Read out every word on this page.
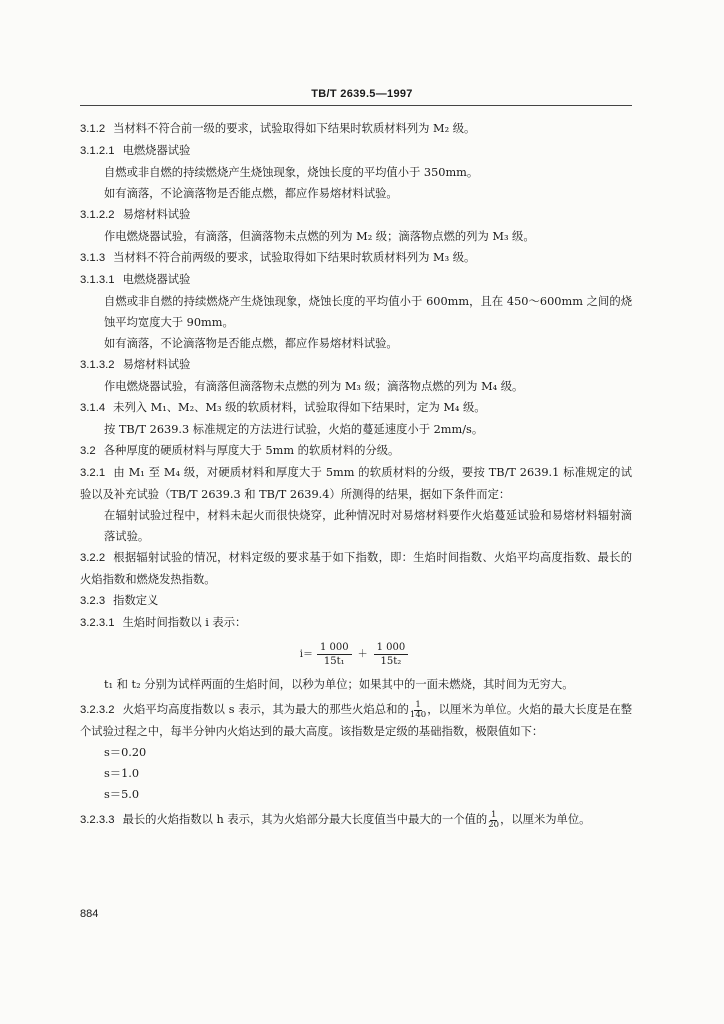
TB/T 2639.5—1997
3.1.2 当材料不符合前一级的要求，试验取得如下结果时软质材料列为 M₂ 级。
3.1.2.1 电燃烧器试验
自燃或非自燃的持续燃烧产生烧蚀现象，烧蚀长度的平均值小于 350mm。
如有滴落，不论滴落物是否能点燃，都应作易熔材料试验。
3.1.2.2 易熔材料试验
作电燃烧器试验，有滴落，但滴落物未点燃的列为 M₂ 级；滴落物点燃的列为 M₃ 级。
3.1.3 当材料不符合前两级的要求，试验取得如下结果时软质材料列为 M₃ 级。
3.1.3.1 电燃烧器试验
自燃或非自燃的持续燃烧产生烧蚀现象，烧蚀长度的平均值小于 600mm，且在 450～600mm 之间的烧蚀平均宽度大于 90mm。
如有滴落，不论滴落物是否能点燃，都应作易熔材料试验。
3.1.3.2 易熔材料试验
作电燃烧器试验，有滴落但滴落物未点燃的列为 M₃ 级；滴落物点燃的列为 M₄ 级。
3.1.4 未列入 M₁、M₂、M₃ 级的软质材料，试验取得如下结果时，定为 M₄ 级。
按 TB/T 2639.3 标准规定的方法进行试验，火焰的蔓延速度小于 2mm/s。
3.2 各种厚度的硬质材料与厚度大于 5mm 的软质材料的分级。
3.2.1 由 M₁ 至 M₄ 级，对硬质材料和厚度大于 5mm 的软质材料的分级，要按 TB/T 2639.1 标准规定的试验以及补充试验（TB/T 2639.3 和 TB/T 2639.4）所测得的结果，据如下条件而定：
在辐射试验过程中，材料未起火而很快烧穿，此种情况时对易熔材料要作火焰蔓延试验和易熔材料辐射滴落试验。
3.2.2 根据辐射试验的情况，材料定级的要求基于如下指数，即：生焰时间指数、火焰平均高度指数、最长的火焰指数和燃烧发热指数。
3.2.3 指数定义
3.2.3.1 生焰时间指数以 i 表示：
$i= \frac{1 000}{\text{15t₁}} + \frac{1 000}{\text{15t₂}}$
t₁ 和 t₂ 分别为试样两面的生焰时间，以秒为单位；如果其中的一面未燃烧，其时间为无穷大。
3.2.3.2 火焰平均高度指数以 s 表示，其为最大的那些火焰总和的 $\frac{1}{140}$ ，以厘米为单位。火焰的最大长度是在整个试验过程之中，每半分钟内火焰达到的最大高度。该指数是定级的基础指数，极限值如下：
s＝0.20
s＝1.0
s＝5.0
3.2.3.3 最长的火焰指数以 h 表示，其为火焰部分最大长度值当中最大的一个值的 $\frac{1}{20}$ ，以厘米为单位。
884
